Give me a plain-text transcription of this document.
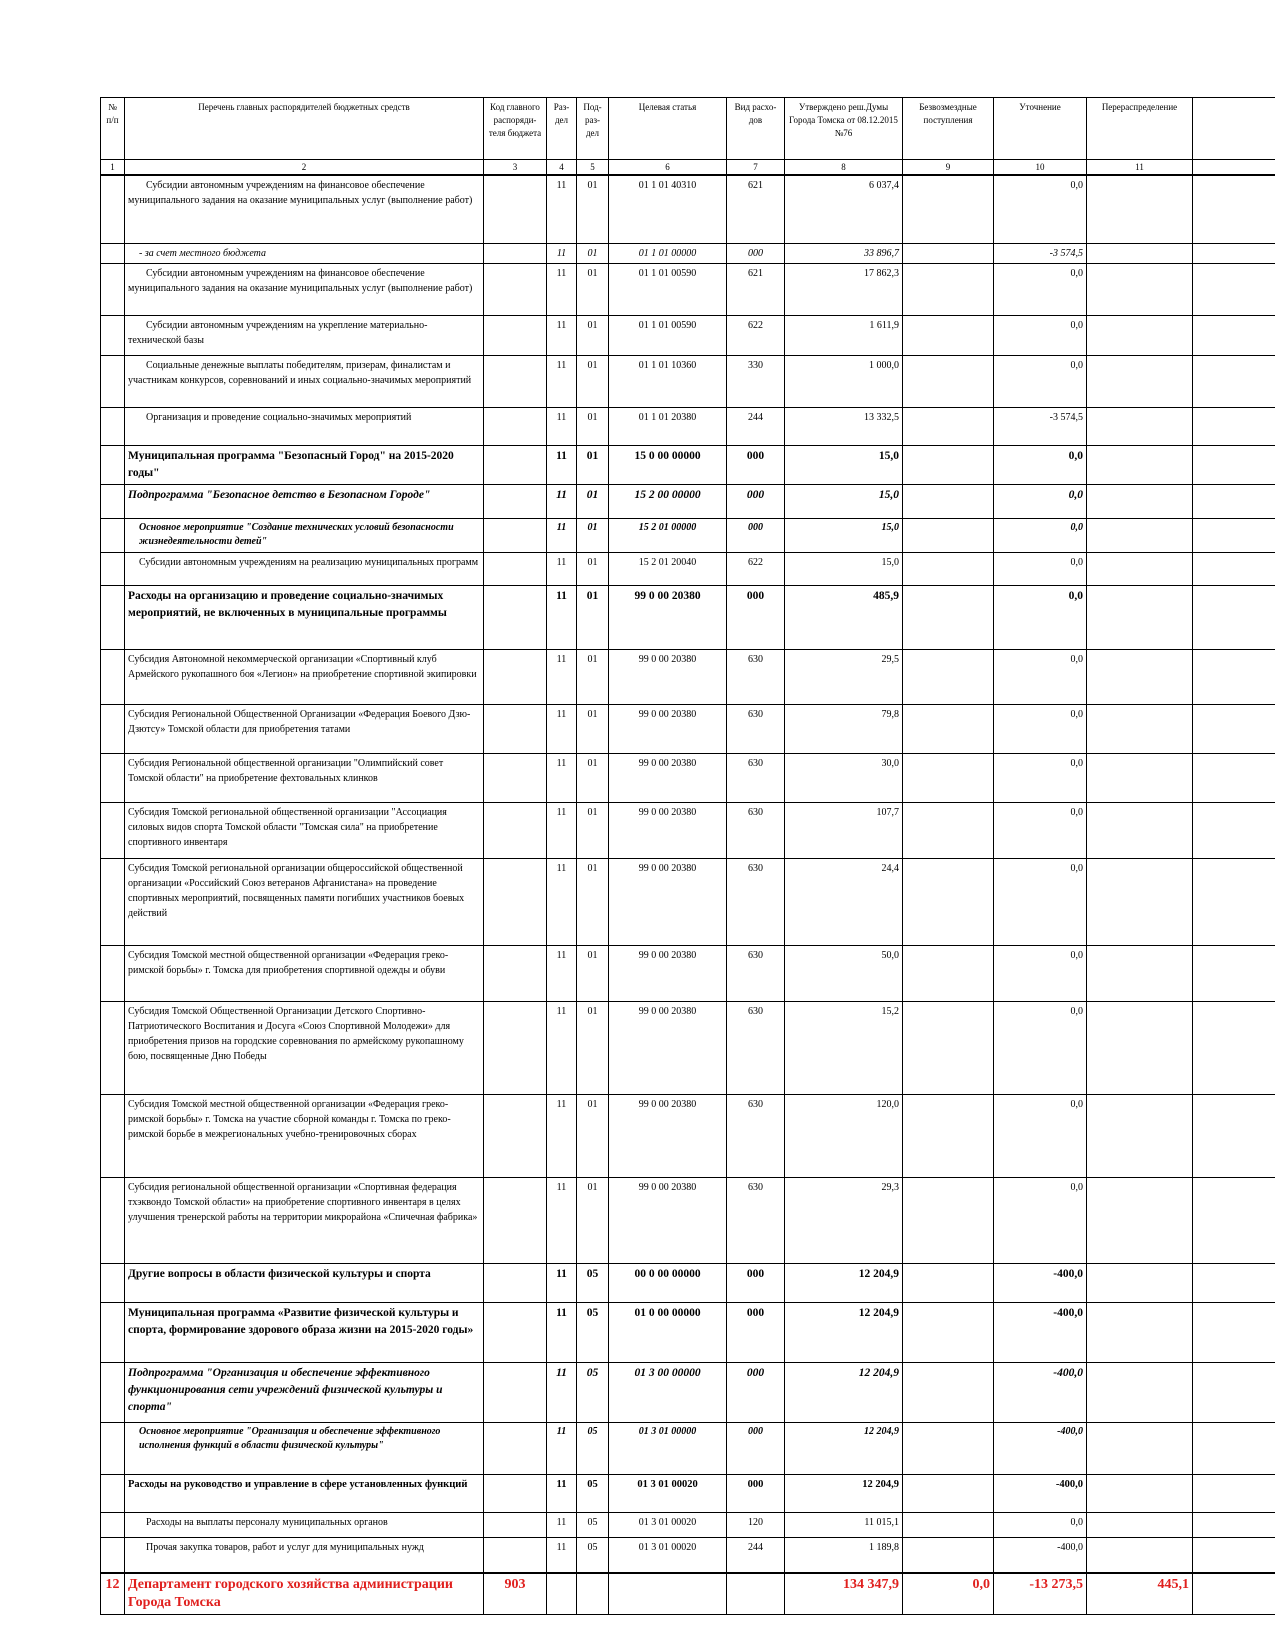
№ п/п	Перечень главных распорядителей бюджетных средств	Код главного распоряди-теля бюджета	Раз-дел	Под-раз-дел	Целевая статья	Вид расхо-дов	Утверждено реш.Думы Города Томска от 08.12.2015 №76	Безвозмездные поступления	Уточнение	Перераспределение	
1	2	3	4	5	6	7	8	9	10	11	
	Субсидии автономным учреждениям на финансовое обеспечение муниципального задания на оказание муниципальных услуг (выполнение работ)		11	01	01 1 01 40310	621	6 037,4		0,0		
	- за счет местного бюджета		11	01	01 1 01 00000	000	33 896,7		-3 574,5		
	Субсидии автономным учреждениям на финансовое обеспечение муниципального задания на оказание муниципальных услуг (выполнение работ)		11	01	01 1 01 00590	621	17 862,3		0,0		
	Субсидии автономным учреждениям на укрепление материально-технической базы		11	01	01 1 01 00590	622	1 611,9		0,0		
	Социальные денежные выплаты победителям, призерам, финалистам и участникам конкурсов, соревнований и иных социально-значимых мероприятий		11	01	01 1 01 10360	330	1 000,0		0,0		
	Организация и проведение социально-значимых мероприятий		11	01	01 1 01 20380	244	13 332,5		-3 574,5		
	Муниципальная программа "Безопасный Город" на 2015-2020 годы"		11	01	15 0 00 00000	000	15,0		0,0		
	Подпрограмма "Безопасное детство в Безопасном Городе"		11	01	15 2 00 00000	000	15,0		0,0		
	Основное мероприятие "Создание технических условий безопасности жизнедеятельности детей"		11	01	15 2 01 00000	000	15,0		0,0		
	Субсидии автономным учреждениям на реализацию муниципальных программ		11	01	15 2 01 20040	622	15,0		0,0		
	Расходы на организацию и проведение социально-значимых мероприятий, не включенных в муниципальные программы		11	01	99 0 00 20380	000	485,9		0,0		
	Субсидия Автономной некоммерческой организации «Спортивный клуб Армейского рукопашного боя «Легион» на приобретение спортивной экипировки		11	01	99 0 00 20380	630	29,5		0,0		
	Субсидия Региональной Общественной Организации «Федерация Боевого Дзю-Дзютсу» Томской области для приобретения татами		11	01	99 0 00 20380	630	79,8		0,0		
	Субсидия Региональной общественной организации "Олимпийский совет Томской области" на приобретение фехтовальных клинков		11	01	99 0 00 20380	630	30,0		0,0		
	Субсидия Томской региональной общественной организации "Ассоциация силовых видов спорта Томской области "Томская сила" на приобретение спортивного инвентаря		11	01	99 0 00 20380	630	107,7		0,0		
	Субсидия Томской региональной организации общероссийской общественной организации «Российский Союз ветеранов Афганистана» на проведение спортивных мероприятий, посвященных памяти погибших участников боевых действий		11	01	99 0 00 20380	630	24,4		0,0		
	Субсидия Томской местной общественной организации «Федерация греко-римской борьбы» г. Томска для приобретения спортивной одежды и обуви		11	01	99 0 00 20380	630	50,0		0,0		
	Субсидия Томской Общественной Организации Детского Спортивно-Патриотического Воспитания и Досуга «Союз Спортивной Молодежи» для приобретения призов на городские соревнования по армейскому рукопашному бою, посвященные Дню Победы		11	01	99 0 00 20380	630	15,2		0,0		
	Субсидия Томской местной общественной организации «Федерация греко-римской борьбы» г. Томска на участие сборной команды г. Томска по греко-римской борьбе в межрегиональных учебно-тренировочных сборах		11	01	99 0 00 20380	630	120,0		0,0		
	Субсидия региональной общественной организации «Спортивная федерация тхэквондо Томской области» на приобретение спортивного инвентаря в целях улучшения тренерской работы на территории микрорайона «Спичечная фабрика»		11	01	99 0 00 20380	630	29,3		0,0		
	Другие вопросы в области физической культуры и спорта		11	05	00 0 00 00000	000	12 204,9		-400,0		
	Муниципальная программа «Развитие физической культуры и спорта, формирование здорового образа жизни на 2015-2020 годы»		11	05	01 0 00 00000	000	12 204,9		-400,0		
	Подпрограмма "Организация и обеспечение эффективного функционирования сети учреждений физической культуры и спорта"		11	05	01 3 00 00000	000	12 204,9		-400,0		
	Основное мероприятие "Организация и обеспечение эффективного исполнения функций в области физической культуры"		11	05	01 3 01 00000	000	12 204,9		-400,0		
	Расходы на руководство и управление в сфере установленных функций		11	05	01 3 01 00020	000	12 204,9		-400,0		
	Расходы на выплаты персоналу муниципальных органов		11	05	01 3 01 00020	120	11 015,1		0,0		
	Прочая закупка товаров, работ и услуг для муниципальных нужд		11	05	01 3 01 00020	244	1 189,8		-400,0		
12	Департамент городского хозяйства администрации Города Томска	903					134 347,9	0,0	-13 273,5	445,1	
